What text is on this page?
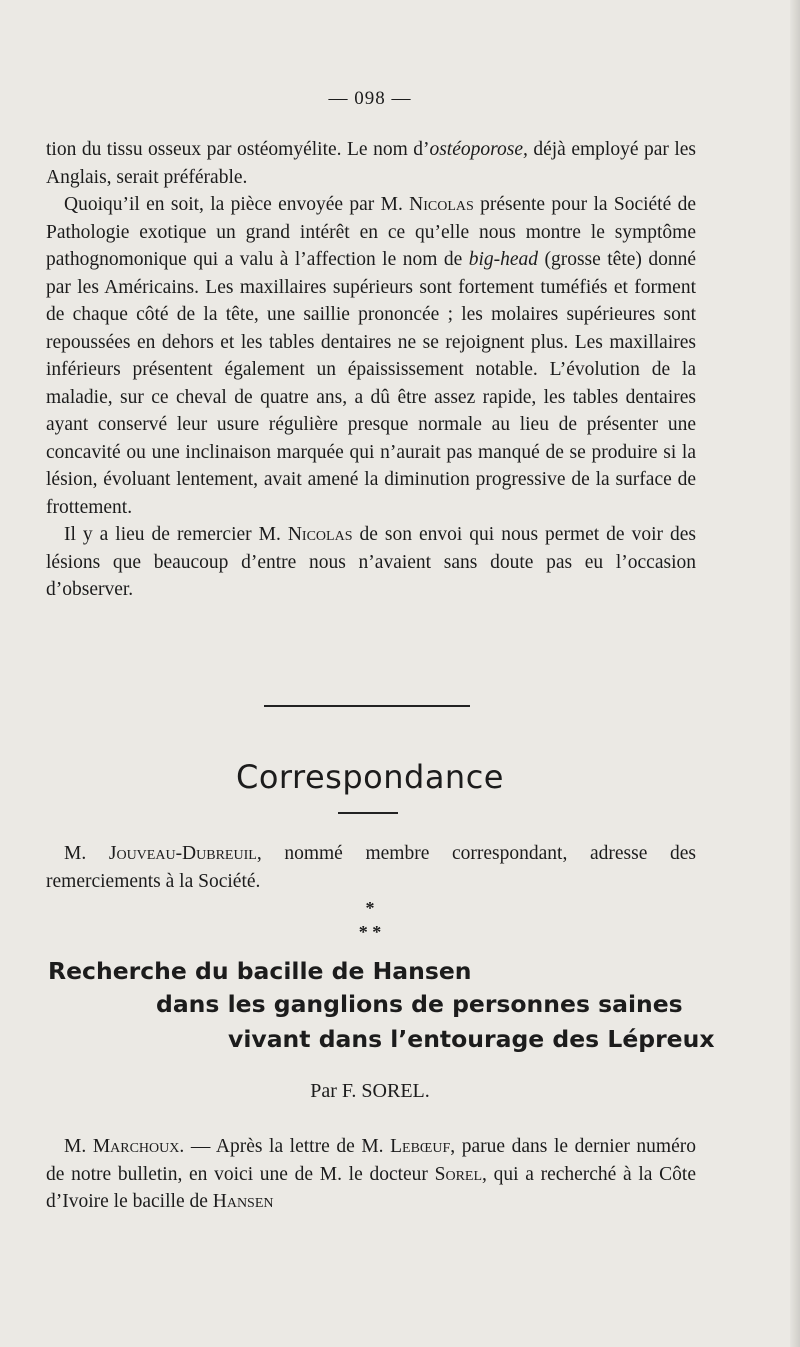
— 098 —

tion du tissu osseux par ostéomyélite. Le nom d’ostéoporose, déjà employé par les Anglais, serait préférable.

Quoiqu’il en soit, la pièce envoyée par M. Nicolas présente pour la Société de Pathologie exotique un grand intérêt en ce qu’elle nous montre le symptôme pathognomonique qui a valu à l’affection le nom de big-head (grosse tête) donné par les Américains. Les maxillaires supérieurs sont fortement tuméfiés et forment de chaque côté de la tête, une saillie prononcée ; les molaires supérieures sont repoussées en dehors et les tables dentaires ne se rejoignent plus. Les maxillaires inférieurs présentent également un épaississement notable. L’évolution de la maladie, sur ce cheval de quatre ans, a dû être assez rapide, les tables dentaires ayant conservé leur usure régulière presque normale au lieu de présenter une concavité ou une inclinaison marquée qui n’aurait pas manqué de se produire si la lésion, évoluant lentement, avait amené la diminution progressive de la surface de frottement.

Il y a lieu de remercier M. Nicolas de son envoi qui nous permet de voir des lésions que beaucoup d’entre nous n’avaient sans doute pas eu l’occasion d’observer.

Correspondance

M. Jouveau-Dubreuil, nommé membre correspondant, adresse des remerciements à la Société.

*
* *
Recherche du bacille de Hansen
dans les ganglions de personnes saines
vivant dans l’entourage des Lépreux
Par F. SOREL.

M. Marchoux. — Après la lettre de M. Lebœuf, parue dans le dernier numéro de notre bulletin, en voici une de M. le docteur Sorel, qui a recherché à la Côte d’Ivoire le bacille de Hansen
